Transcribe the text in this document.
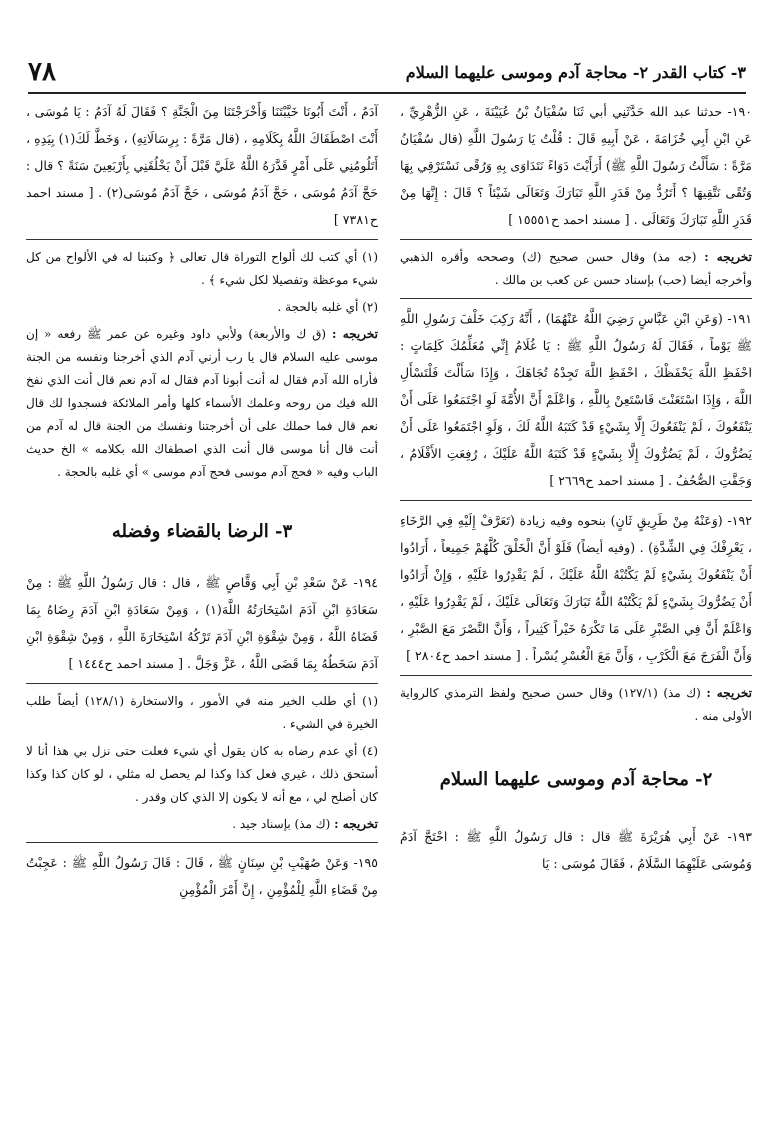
٣- كتاب القدر ٢- محاجة آدم وموسى عليهما السلام
٧٨

١٩٠- حدثنا عبد الله حَدَّثَنِي أبي ثَنَا سُفْيَانُ بْنُ عُيَيْنَةَ ، عَنِ الزُّهْرِيِّ ، عَنِ ابْنِ أَبِي خُزَامَةَ ، عَنْ أَبِيهِ قَالَ : قُلْتُ يَا رَسُولَ اللَّهِ (قال سُفْيَانُ مَرَّةً : سَأَلْتُ رَسُولَ اللَّهِ ﷺ) أَرَأَيْتَ دَوَاءً نَتَدَاوَى بِهِ وَرُقًى نَسْتَرْقِي بِهَا وَتُقًى نَتَّقِيهَا ؟ أَتَرُدُّ مِنْ قَدَرِ اللَّهِ تَبَارَكَ وَتَعَالَى شَيْئاً ؟ قَالَ : إِنَّهَا مِنْ قَدَرِ اللَّهِ تَبَارَكَ وَتَعَالَى . [ مسند احمد ح١٥٥٥١ ]

تخريجه : (جه مذ) وقال حسن صحيح (ك) وصححه وأقره الذهبي وأخرجه أيضا (حب) بإسناد حسن عن كعب بن مالك .

١٩١- (وَعَنِ ابْنِ عَبَّاسٍ رَضِيَ اللَّهُ عَنْهُمَا) ، أَنَّهُ رَكِبَ خَلْفَ رَسُولِ اللَّهِ ﷺ يَوْماً ، فَقَالَ لَهُ رَسُولُ اللَّهِ ﷺ : يَا غُلَامُ إِنِّي مُعَلِّمُكَ كَلِمَاتٍ : احْفَظِ اللَّهَ يَحْفَظْكَ ، احْفَظِ اللَّهَ تَجِدْهُ تُجَاهَكَ ، وَإِذَا سَأَلْتَ فَلْتَسْأَلِ اللَّهَ ، وَإِذَا اسْتَعَنْتَ فَاسْتَعِنْ بِاللَّهِ ، وَاعْلَمْ أَنَّ الأُمَّةَ لَوِ اجْتَمَعُوا عَلَى أَنْ يَنْفَعُوكَ ، لَمْ يَنْفَعُوكَ إِلَّا بِشَيْءٍ قَدْ كَتَبَهُ اللَّهُ لَكَ ، وَلَوِ اجْتَمَعُوا عَلَى أَنْ يَضُرُّوكَ ، لَمْ يَضُرُّوكَ إِلَّا بِشَيْءٍ قَدْ كَتَبَهُ اللَّهُ عَلَيْكَ ، رُفِعَتِ الأَقْلَامُ ، وَجَفَّتِ الصُّحُفُ . [ مسند احمد ح٢٦٦٩ ]

١٩٢- (وَعَنْهُ مِنْ طَرِيقٍ ثَانٍ) بنحوه وفيه زيادة (تَعَرَّفْ إِلَيْهِ فِي الرَّخَاءِ ، يَعْرِفْكَ فِي الشِّدَّةِ) . (وفيه أيضاً) فَلَوْ أَنَّ الْخَلْقَ كُلَّهُمْ جَمِيعاً ، أَرَادُوا أَنْ يَنْفَعُوكَ بِشَيْءٍ لَمْ يَكْتُبْهُ اللَّهُ عَلَيْكَ ، لَمْ يَقْدِرُوا عَلَيْهِ ، وَإِنْ أَرَادُوا أَنْ يَضُرُّوكَ بِشَيْءٍ لَمْ يَكْتُبْهُ اللَّهُ تَبَارَكَ وَتَعَالَى عَلَيْكَ ، لَمْ يَقْدِرُوا عَلَيْهِ ، وَاعْلَمْ أَنَّ فِي الصَّبْرِ عَلَى مَا تَكْرَهُ خَيْراً كَثِيراً ، وَأَنَّ النَّصْرَ مَعَ الصَّبْرِ ، وَأَنَّ الْفَرَجَ مَعَ الْكَرْبِ ، وَأَنَّ مَعَ الْعُسْرِ يُسْراً . [ مسند احمد ح٢٨٠٤ ]

تخريجه : (ك مذ) (١٢٧/١) وقال حسن صحيح ولفظ الترمذي كالرواية الأولى منه .

٢- محاجة آدم وموسى عليهما السلام

١٩٣- عَنْ أَبِي هُرَيْرَةَ ﷺ قال : قال رَسُولُ اللَّهِ ﷺ : احْتَجَّ آدَمُ وَمُوسَى عَلَيْهِمَا السَّلَامُ ، فَقَالَ مُوسَى : يَا

آدَمُ ، أَنْتَ أَبُونَا خَيَّبْتَنَا وَأَخْرَجْتَنَا مِنَ الْجَنَّةِ ؟ فَقَالَ لَهُ آدَمُ : يَا مُوسَى ، أَنْتَ اصْطَفَاكَ اللَّهُ بِكَلَامِهِ ، (قال مَرَّةً : بِرِسَالَاتِهِ) ، وَخَطَّ لَكَ(١) بِيَدِهِ ، أَتَلُومُنِي عَلَى أَمْرٍ قَدَّرَهُ اللَّهُ عَلَيَّ قَبْلَ أَنْ يَخْلُقَنِي بِأَرْبَعِينَ سَنَةً ؟ قال : حَجَّ آدَمُ مُوسَى ، حَجَّ آدَمُ مُوسَى ، حَجَّ آدَمُ مُوسَى(٢) . [ مسند احمد ح٧٣٨١ ]

(١) أي كتب لك ألواح التوراة قال تعالى ﴿ وكتبنا له في الألواح من كل شيء موعظة وتفصيلا لكل شيء ﴾ .

(٢) أي غلبه بالحجة .

تخريجه : (ق ك والأربعة) ولأبي داود وغيره عن عمر ﷺ رفعه « إن موسى عليه السلام قال يا رب أرني آدم الذي أخرجنا ونفسه من الجنة فأراه الله آدم فقال له أنت أبونا آدم فقال له آدم نعم قال أنت الذي نفخ الله فيك من روحه وعلمك الأسماء كلها وأمر الملائكة فسجدوا لك قال نعم قال فما حملك على أن أخرجتنا ونفسك من الجنة قال له آدم من أنت قال أنا موسى قال أنت الذي اصطفاك الله بكلامه » الخ حديث الباب وفيه « فحج آدم موسى فحج آدم موسى » أي غلبه بالحجة .

٣- الرضا بالقضاء وفضله

١٩٤- عَنْ سَعْدِ بْنِ أَبِي وَقَّاصٍ ﷺ ، قال : قال رَسُولُ اللَّهِ ﷺ : مِنْ سَعَادَةِ ابْنِ آدَمَ اسْتِخَارَتُهُ اللَّهَ(١) ، وَمِنْ سَعَادَةِ ابْنِ آدَمَ رِضَاهُ بِمَا قَضَاهُ اللَّهُ ، وَمِنْ شِقْوَةِ ابْنِ آدَمَ تَرْكُهُ اسْتِخَارَةَ اللَّهِ ، وَمِنْ شِقْوَةِ ابْنِ آدَمَ سَخَطُهُ بِمَا قَضَى اللَّهُ ، عَزَّ وَجَلَّ . [ مسند احمد ح١٤٤٤ ]

(١) أي طلب الخير منه في الأمور ، والاستخارة (١٢٨/١) أيضاً طلب الخيرة في الشيء .

(٤) أي عدم رضاه به كان يقول أي شيء فعلت حتى نزل بي هذا أنا لا أستحق ذلك ، غيري فعل كذا وكذا لم يحصل له مثلي ، لو كان كذا وكذا كان أصلح لي ، مع أنه لا يكون إلا الذي كان وقدر .

تخريجه : (ك مذ) بإسناد جيد .

١٩٥- وَعَنْ صُهَيْبِ بْنِ سِنَانٍ ﷺ ، قَالَ : قَالَ رَسُولُ اللَّهِ ﷺ : عَجِبْتُ مِنْ قَضَاءِ اللَّهِ لِلْمُؤْمِنِ ، إِنَّ أَمْرَ الْمُؤْمِنِ
